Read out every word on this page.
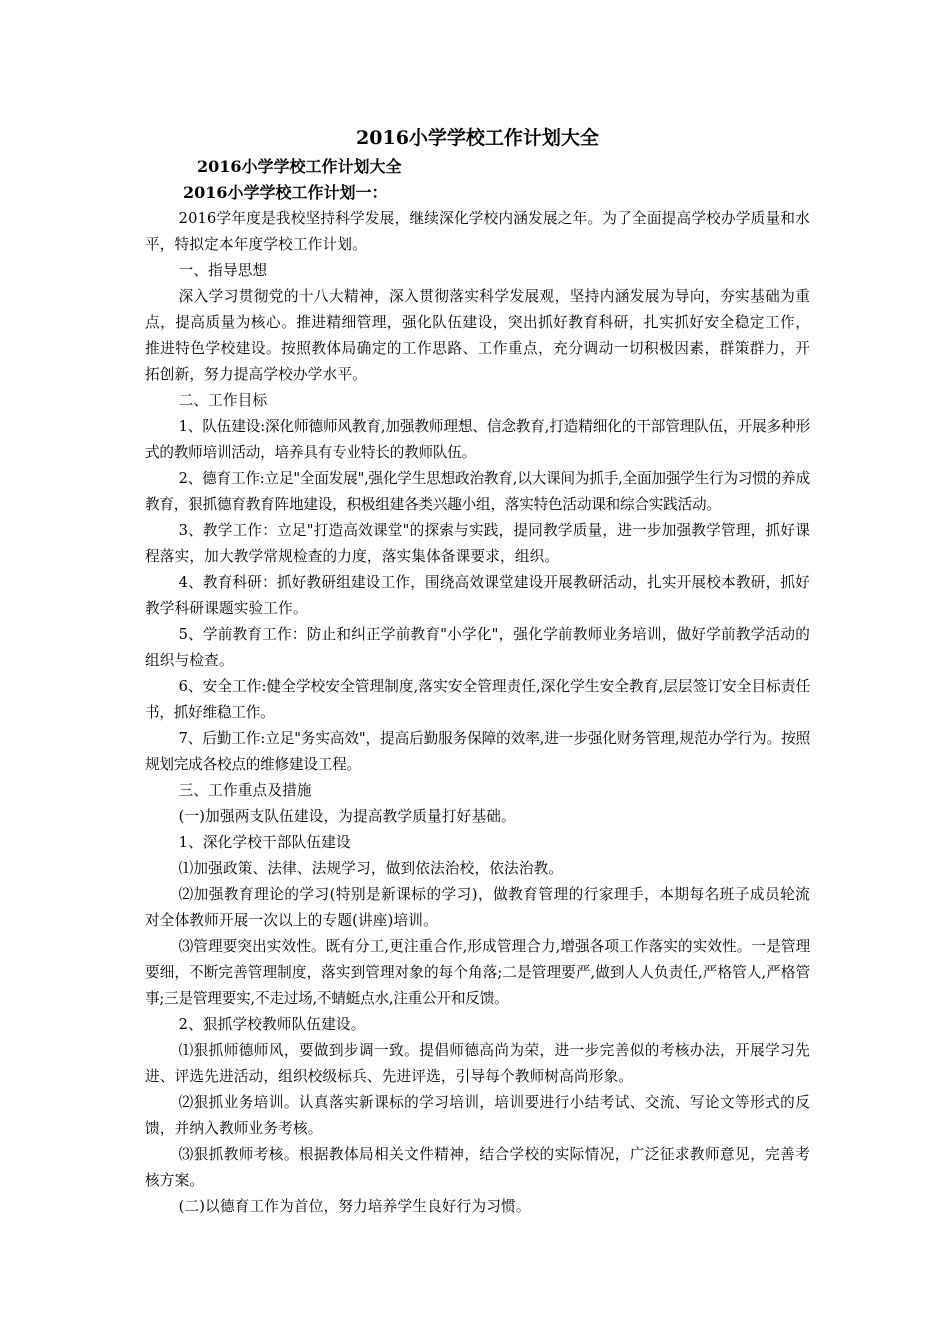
2016小学学校工作计划大全
2016小学学校工作计划大全
2016小学学校工作计划一：

2016学年度是我校坚持科学发展，继续深化学校内涵发展之年。为了全面提高学校办学质量和水平，特拟定本年度学校工作计划。

一、指导思想

深入学习贯彻党的十八大精神，深入贯彻落实科学发展观，坚持内涵发展为导向，夯实基础为重点，提高质量为核心。推进精细管理，强化队伍建设，突出抓好教育科研，扎实抓好安全稳定工作，推进特色学校建设。按照教体局确定的工作思路、工作重点，充分调动一切积极因素，群策群力，开拓创新，努力提高学校办学水平。

二、工作目标

1、队伍建设:深化师德师风教育,加强教师理想、信念教育,打造精细化的干部管理队伍，开展多种形式的教师培训活动，培养具有专业特长的教师队伍。

2、德育工作:立足"全面发展",强化学生思想政治教育,以大课间为抓手,全面加强学生行为习惯的养成教育，狠抓德育教育阵地建设，积极组建各类兴趣小组，落实特色活动课和综合实践活动。

3、教学工作：立足"打造高效课堂"的探索与实践，提同教学质量，进一步加强教学管理，抓好课程落实，加大教学常规检查的力度，落实集体备课要求，组织。

4、教育科研：抓好教研组建设工作，围绕高效课堂建设开展教研活动，扎实开展校本教研，抓好教学科研课题实验工作。

5、学前教育工作：防止和纠正学前教育"小学化"，强化学前教师业务培训，做好学前教学活动的组织与检查。

6、安全工作:健全学校安全管理制度,落实安全管理责任,深化学生安全教育,层层签订安全目标责任书，抓好维稳工作。

7、后勤工作:立足"务实高效"，提高后勤服务保障的效率,进一步强化财务管理,规范办学行为。按照规划完成各校点的维修建设工程。

三、工作重点及措施

(一)加强两支队伍建设，为提高教学质量打好基础。

1、深化学校干部队伍建设

⑴加强政策、法律、法规学习，做到依法治校，依法治教。

⑵加强教育理论的学习(特别是新课标的学习)，做教育管理的行家理手，本期每名班子成员轮流对全体教师开展一次以上的专题(讲座)培训。

⑶管理要突出实效性。既有分工,更注重合作,形成管理合力,增强各项工作落实的实效性。一是管理要细，不断完善管理制度，落实到管理对象的每个角落;二是管理要严,做到人人负责任,严格管人,严格管事;三是管理要实,不走过场,不蜻蜓点水,注重公开和反馈。

2、狠抓学校教师队伍建设。

⑴狠抓师德师风，要做到步调一致。提倡师德高尚为荣，进一步完善似的考核办法，开展学习先进、评选先进活动，组织校级标兵、先进评选，引导每个教师树高尚形象。

⑵狠抓业务培训。认真落实新课标的学习培训，培训要进行小结考试、交流、写论文等形式的反馈，并纳入教师业务考核。

⑶狠抓教师考核。根据教体局相关文件精神，结合学校的实际情况，广泛征求教师意见，完善考核方案。

(二)以德育工作为首位，努力培养学生良好行为习惯。
